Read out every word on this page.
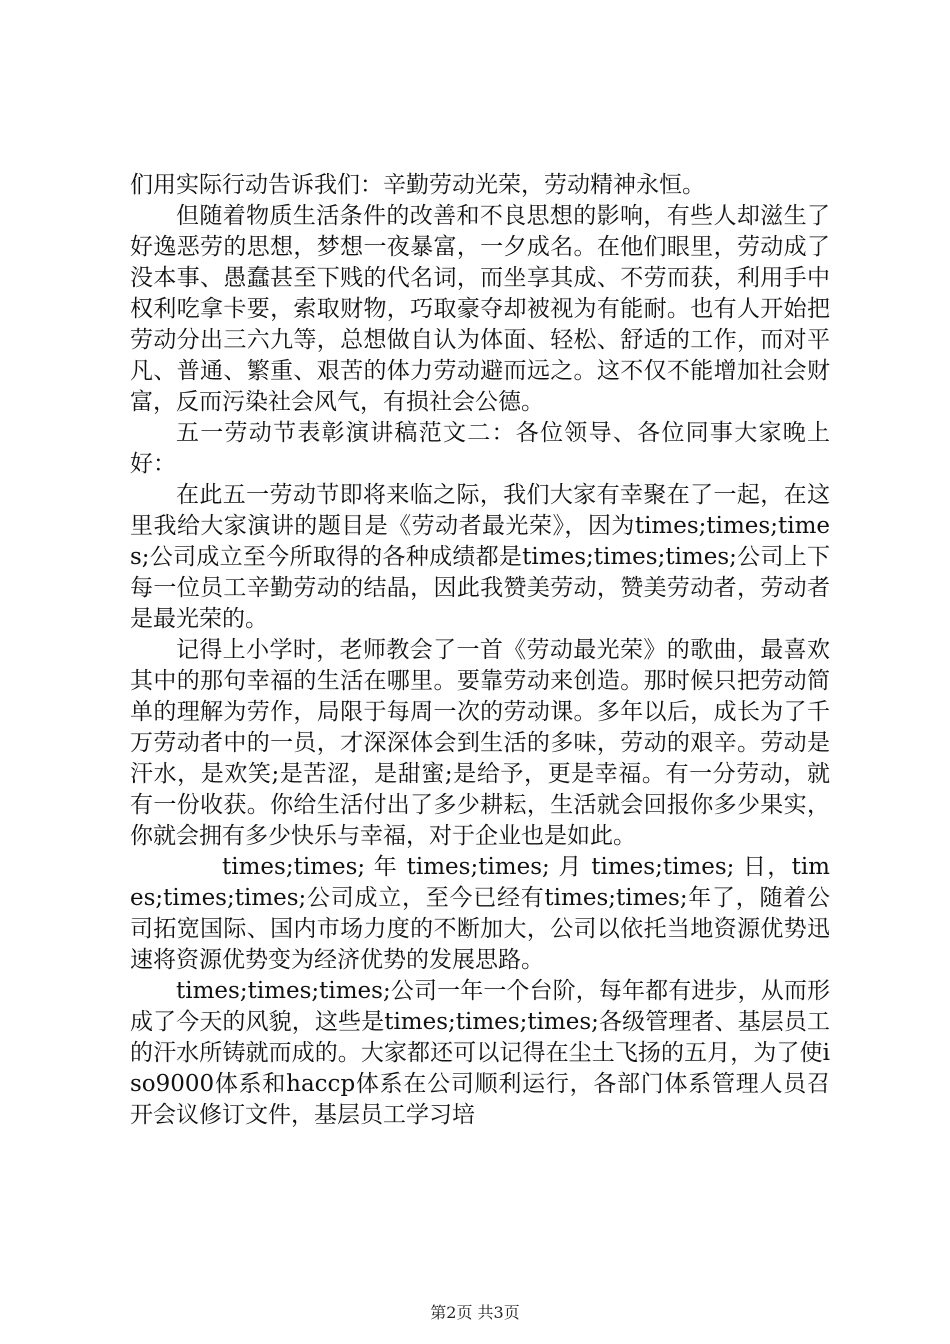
们用实际行动告诉我们：辛勤劳动光荣，劳动精神永恒。

但随着物质生活条件的改善和不良思想的影响，有些人却滋生了好逸恶劳的思想，梦想一夜暴富，一夕成名。在他们眼里，劳动成了没本事、愚蠢甚至下贱的代名词，而坐享其成、不劳而获，利用手中权利吃拿卡要，索取财物，巧取豪夺却被视为有能耐。也有人开始把劳动分出三六九等，总想做自认为体面、轻松、舒适的工作，而对平凡、普通、繁重、艰苦的体力劳动避而远之。这不仅不能增加社会财富，反而污染社会风气，有损社会公德。

五一劳动节表彰演讲稿范文二：各位领导、各位同事大家晚上好：

在此五一劳动节即将来临之际，我们大家有幸聚在了一起，在这里我给大家演讲的题目是《劳动者最光荣》，因为times;times;times;公司成立至今所取得的各种成绩都是times;times;times;公司上下每一位员工辛勤劳动的结晶，因此我赞美劳动，赞美劳动者，劳动者是最光荣的。

记得上小学时，老师教会了一首《劳动最光荣》的歌曲，最喜欢其中的那句幸福的生活在哪里。要靠劳动来创造。那时候只把劳动简单的理解为劳作，局限于每周一次的劳动课。多年以后，成长为了千万劳动者中的一员，才深深体会到生活的多味，劳动的艰辛。劳动是汗水，是欢笑;是苦涩，是甜蜜;是给予，更是幸福。有一分劳动，就有一份收获。你给生活付出了多少耕耘，生活就会回报你多少果实，你就会拥有多少快乐与幸福，对于企业也是如此。

times;times; 年 times;times; 月 times;times; 日，times;times;times;公司成立，至今已经有times;times;年了，随着公司拓宽国际、国内市场力度的不断加大，公司以依托当地资源优势迅速将资源优势变为经济优势的发展思路。

times;times;times;公司一年一个台阶，每年都有进步，从而形成了今天的风貌，这些是times;times;times;各级管理者、基层员工的汗水所铸就而成的。大家都还可以记得在尘土飞扬的五月，为了使iso9000体系和haccp体系在公司顺利运行，各部门体系管理人员召开会议修订文件，基层员工学习培

第2页 共3页
